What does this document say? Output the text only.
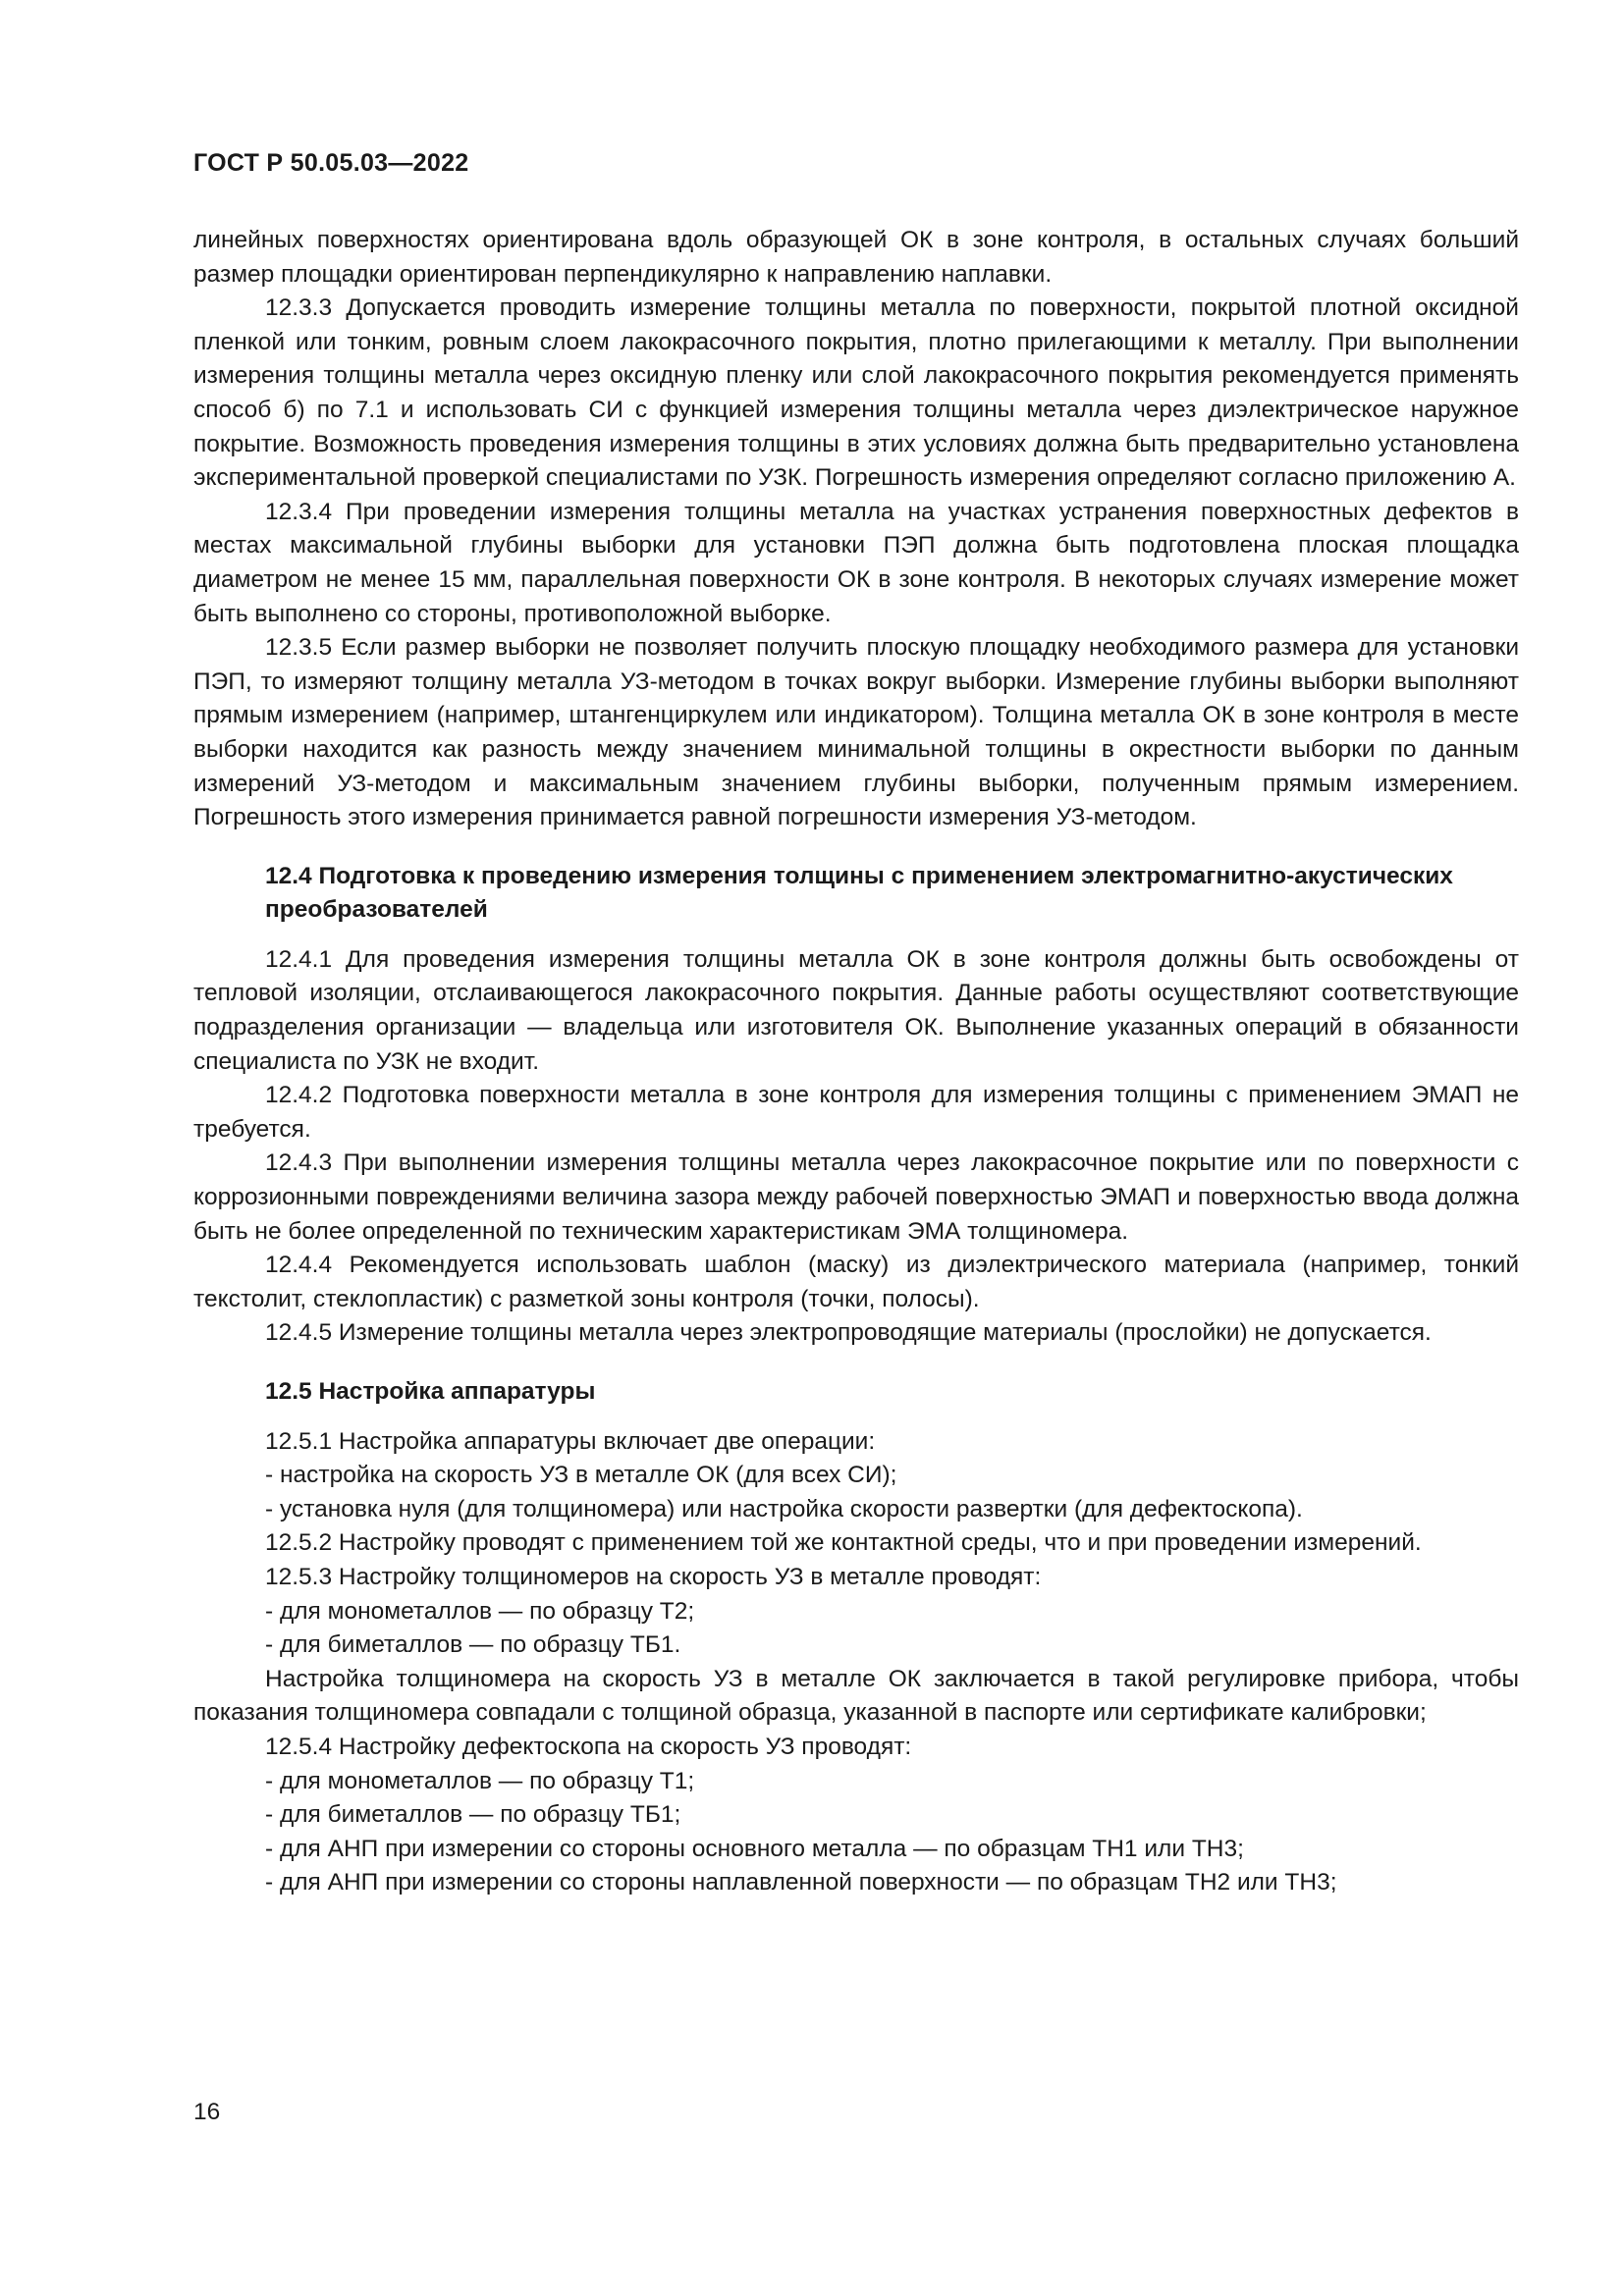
ГОСТ Р 50.05.03—2022

линейных поверхностях ориентирована вдоль образующей ОК в зоне контроля, в остальных случаях больший размер площадки ориентирован перпендикулярно к направлению наплавки.

12.3.3 Допускается проводить измерение толщины металла по поверхности, покрытой плотной оксидной пленкой или тонким, ровным слоем лакокрасочного покрытия, плотно прилегающими к металлу. При выполнении измерения толщины металла через оксидную пленку или слой лакокрасочного покрытия рекомендуется применять способ б) по 7.1 и использовать СИ с функцией измерения толщины металла через диэлектрическое наружное покрытие. Возможность проведения измерения толщины в этих условиях должна быть предварительно установлена экспериментальной проверкой специалистами по УЗК. Погрешность измерения определяют согласно приложению А.

12.3.4 При проведении измерения толщины металла на участках устранения поверхностных дефектов в местах максимальной глубины выборки для установки ПЭП должна быть подготовлена плоская площадка диаметром не менее 15 мм, параллельная поверхности ОК в зоне контроля. В некоторых случаях измерение может быть выполнено со стороны, противоположной выборке.

12.3.5 Если размер выборки не позволяет получить плоскую площадку необходимого размера для установки ПЭП, то измеряют толщину металла УЗ-методом в точках вокруг выборки. Измерение глубины выборки выполняют прямым измерением (например, штангенциркулем или индикатором). Толщина металла ОК в зоне контроля в месте выборки находится как разность между значением минимальной толщины в окрестности выборки по данным измерений УЗ-методом и максимальным значением глубины выборки, полученным прямым измерением. Погрешность этого измерения принимается равной погрешности измерения УЗ-методом.

12.4 Подготовка к проведению измерения толщины с применением электромагнитно-акустических преобразователей

12.4.1 Для проведения измерения толщины металла ОК в зоне контроля должны быть освобождены от тепловой изоляции, отслаивающегося лакокрасочного покрытия. Данные работы осуществляют соответствующие подразделения организации — владельца или изготовителя ОК. Выполнение указанных операций в обязанности специалиста по УЗК не входит.

12.4.2 Подготовка поверхности металла в зоне контроля для измерения толщины с применением ЭМАП не требуется.

12.4.3 При выполнении измерения толщины металла через лакокрасочное покрытие или по поверхности с коррозионными повреждениями величина зазора между рабочей поверхностью ЭМАП и поверхностью ввода должна быть не более определенной по техническим характеристикам ЭМА толщиномера.

12.4.4 Рекомендуется использовать шаблон (маску) из диэлектрического материала (например, тонкий текстолит, стеклопластик) с разметкой зоны контроля (точки, полосы).

12.4.5 Измерение толщины металла через электропроводящие материалы (прослойки) не допускается.

12.5 Настройка аппаратуры

12.5.1 Настройка аппаратуры включает две операции:

- настройка на скорость УЗ в металле ОК (для всех СИ);

- установка нуля (для толщиномера) или настройка скорости развертки (для дефектоскопа).

12.5.2 Настройку проводят с применением той же контактной среды, что и при проведении измерений.

12.5.3 Настройку толщиномеров на скорость УЗ в металле проводят:

- для монометаллов — по образцу Т2;

- для биметаллов — по образцу ТБ1.

Настройка толщиномера на скорость УЗ в металле ОК заключается в такой регулировке прибора, чтобы показания толщиномера совпадали с толщиной образца, указанной в паспорте или сертификате калибровки;

12.5.4 Настройку дефектоскопа на скорость УЗ проводят:

- для монометаллов — по образцу Т1;

- для биметаллов — по образцу ТБ1;

- для АНП при измерении со стороны основного металла — по образцам ТН1 или ТН3;

- для АНП при измерении со стороны наплавленной поверхности — по образцам ТН2 или ТН3;

16
